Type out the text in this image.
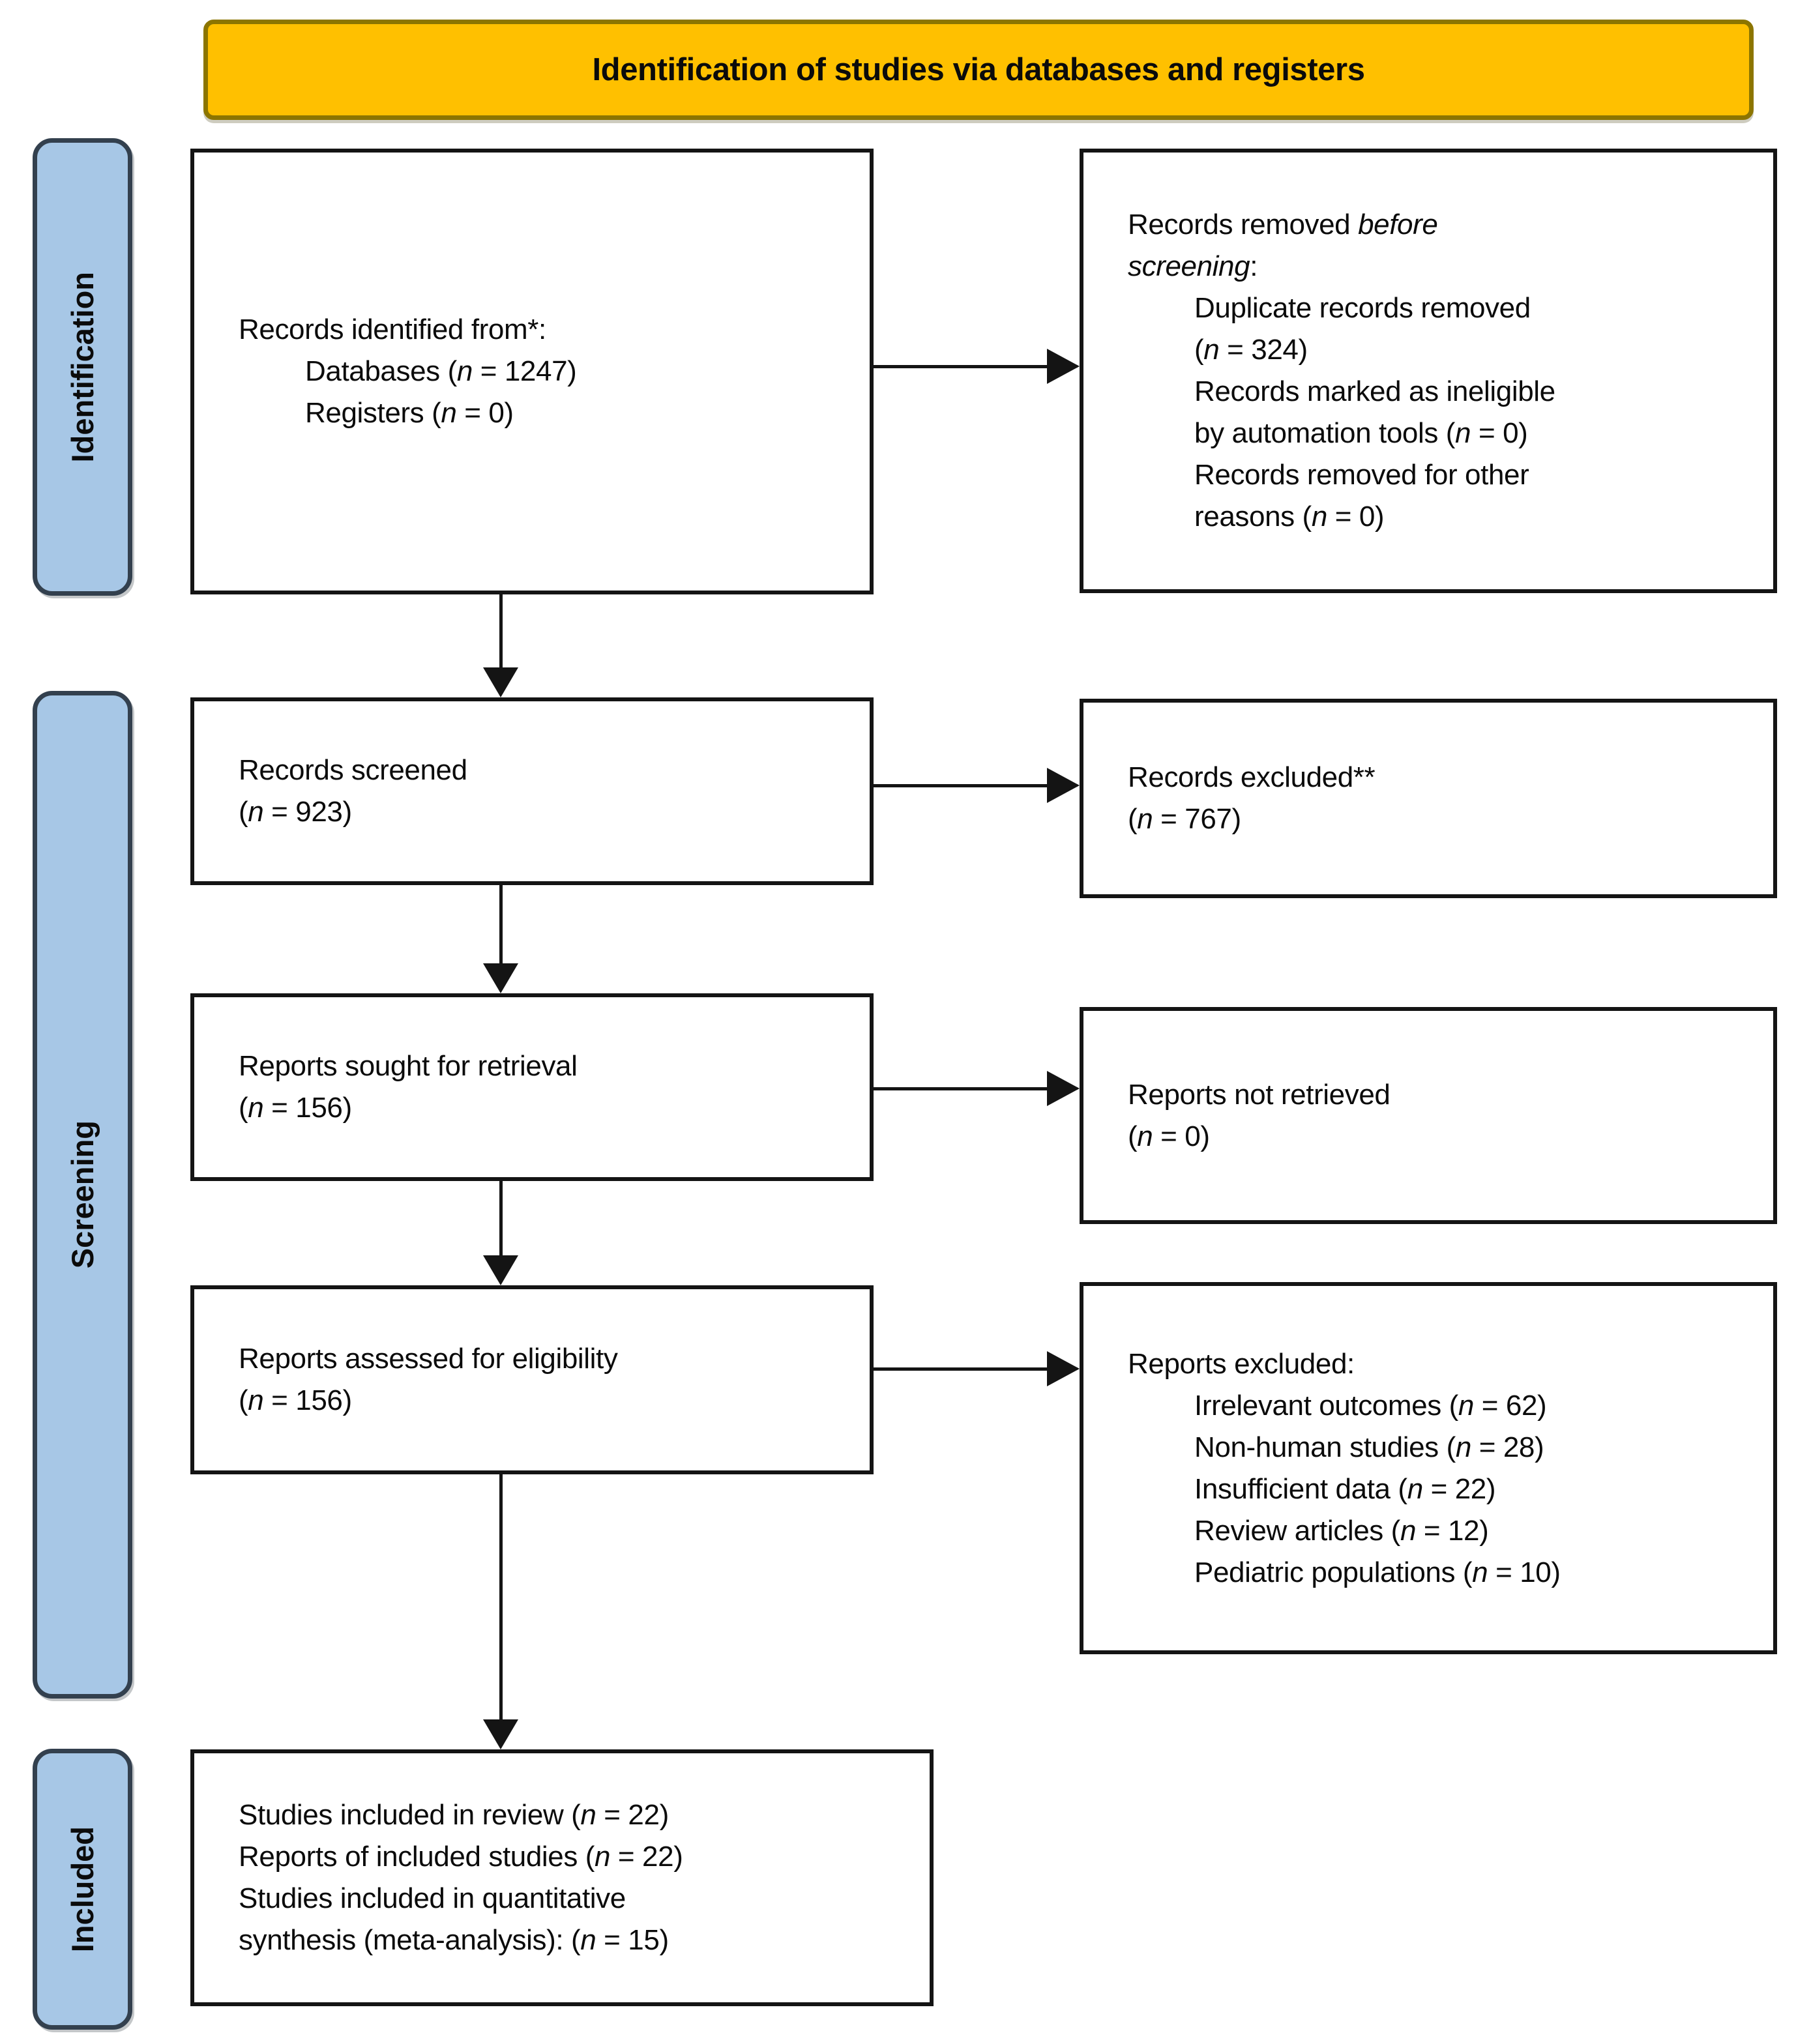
Identification of studies via databases and registers
Identification
Screening
Included
Records identified from*:
Databases (n = 1247)
Registers (n = 0)
Records screened
(n = 923)
Reports sought for retrieval
(n = 156)
Reports assessed for eligibility
(n = 156)
Studies included in review (n = 22)
Reports of included studies (n = 22)
Studies included in quantitative
synthesis (meta-analysis): (n = 15)
Records removed before
screening:
Duplicate records removed
(n = 324)
Records marked as ineligible
by automation tools (n = 0)
Records removed for other
reasons (n = 0)
Records excluded**
(n = 767)
Reports not retrieved
(n = 0)
Reports excluded:
Irrelevant outcomes (n = 62)
Non-human studies (n = 28)
Insufficient data (n = 22)
Review articles (n = 12)
Pediatric populations (n = 10)
